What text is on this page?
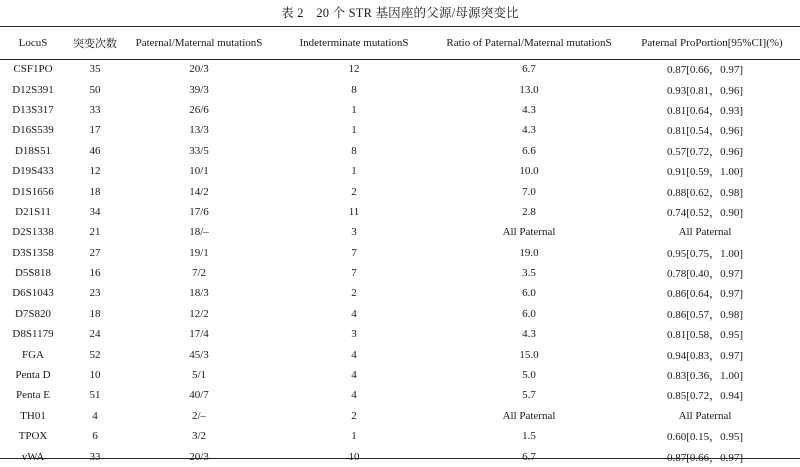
表 2　20 个 STR 基因座的父源/母源突变比
LocuS	突变次数	Paternal/Maternal mutationS	Indeterminate mutationS	Ratio of Paternal/Maternal mutationS	Paternal ProPortion[95%CI](%)
CSF1PO	35	20/3	12	6.7	0.87[0.66，0.97]
D12S391	50	39/3	8	13.0	0.93[0.81，0.96]
D13S317	33	26/6	1	4.3	0.81[0.64，0.93]
D16S539	17	13/3	1	4.3	0.81[0.54，0.96]
D18S51	46	33/5	8	6.6	0.57[0.72，0.96]
D19S433	12	10/1	1	10.0	0.91[0.59，1.00]
D1S1656	18	14/2	2	7.0	0.88[0.62，0.98]
D21S11	34	17/6	11	2.8	0.74[0.52，0.90]
D2S1338	21	18/–	3	All Paternal	All Paternal
D3S1358	27	19/1	7	19.0	0.95[0.75，1.00]
D5S818	16	7/2	7	3.5	0.78[0.40，0.97]
D6S1043	23	18/3	2	6.0	0.86[0.64，0.97]
D7S820	18	12/2	4	6.0	0.86[0.57，0.98]
D8S1179	24	17/4	3	4.3	0.81[0.58，0.95]
FGA	52	45/3	4	15.0	0.94[0.83，0.97]
Penta D	10	5/1	4	5.0	0.83[0.36，1.00]
Penta E	51	40/7	4	5.7	0.85[0.72，0.94]
TH01	4	2/–	2	All Paternal	All Paternal
TPOX	6	3/2	1	1.5	0.60[0.15，0.95]
vWA	33	20/3	10	6.7	0.87[0.66，0.97]
